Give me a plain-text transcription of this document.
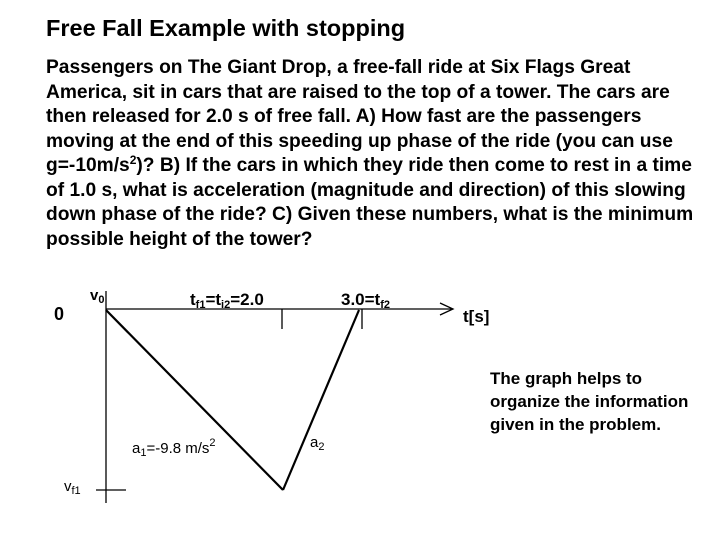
Free Fall Example with stopping

Passengers on The Giant Drop, a free-fall ride at Six Flags Great America, sit in cars that are raised to the top of a tower. The cars are then released for 2.0 s of free fall. A) How fast are the passengers moving at the end of this speeding up phase of the ride (you can use $g=-10m/s^2$)? B) If the cars in which they ride then come to rest in a time of 1.0 s, what is acceleration (magnitude and direction) of this slowing down phase of the ride? C) Given these numbers, what is the minimum possible height of the tower?

0
$v_0$	$t_{f1}=t_{i2}=2.0$	$3.0=t_{f2}$
t[s]
$a_1=-9.8$ $m/s^2$	$a_2$
$v_{f1}$

The graph helps to organize the information given in the problem.
